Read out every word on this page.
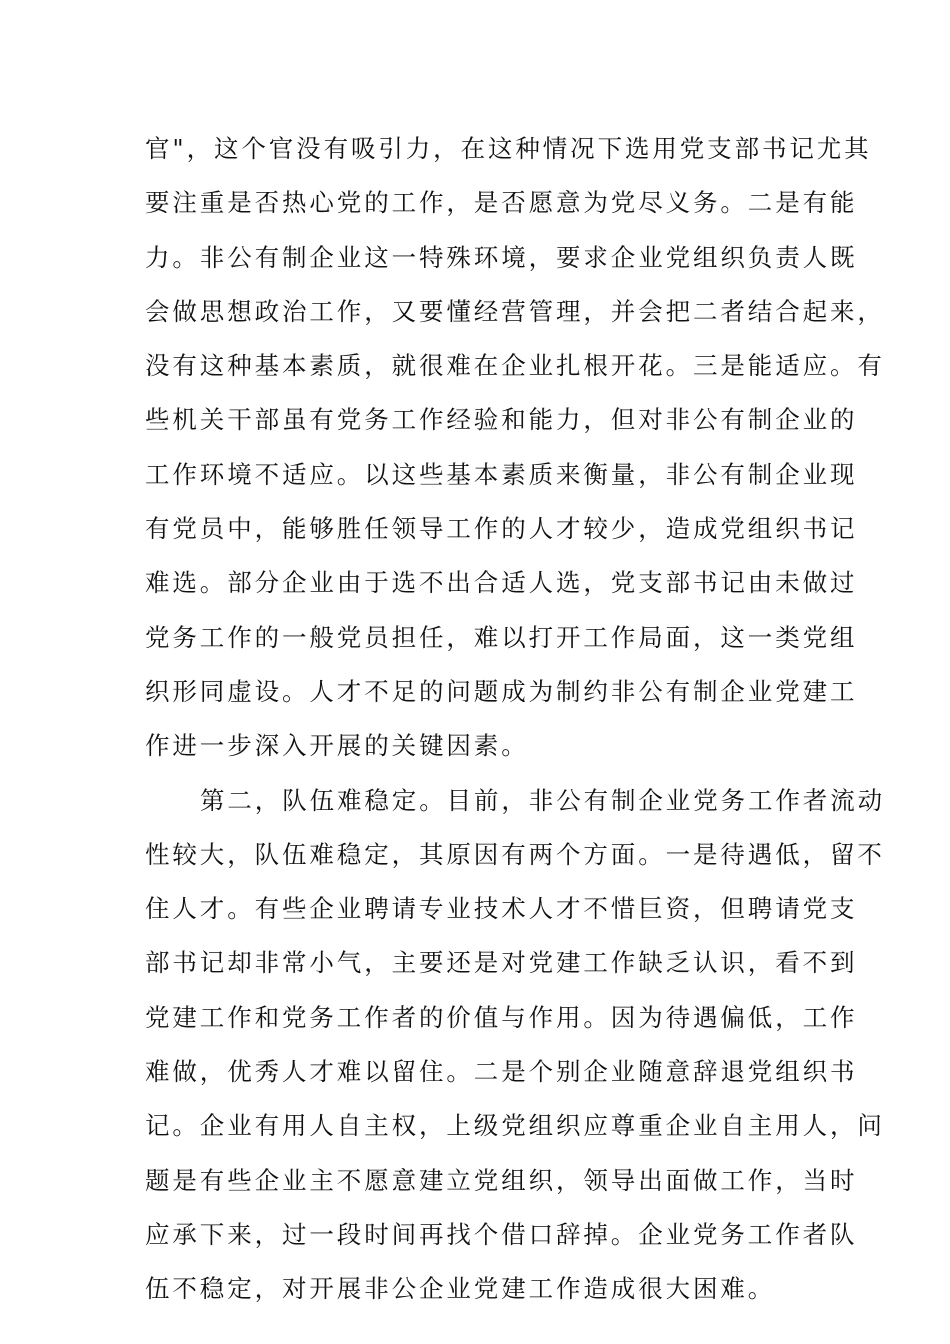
官"，这个官没有吸引力，在这种情况下选用党支部书记尤其
要注重是否热心党的工作，是否愿意为党尽义务。二是有能
力。非公有制企业这一特殊环境，要求企业党组织负责人既
会做思想政治工作，又要懂经营管理，并会把二者结合起来，
没有这种基本素质，就很难在企业扎根开花。三是能适应。有
些机关干部虽有党务工作经验和能力，但对非公有制企业的
工作环境不适应。以这些基本素质来衡量，非公有制企业现
有党员中，能够胜任领导工作的人才较少，造成党组织书记
难选。部分企业由于选不出合适人选，党支部书记由未做过
党务工作的一般党员担任，难以打开工作局面，这一类党组
织形同虚设。人才不足的问题成为制约非公有制企业党建工
作进一步深入开展的关键因素。
第二，队伍难稳定。目前，非公有制企业党务工作者流动
性较大，队伍难稳定，其原因有两个方面。一是待遇低，留不
住人才。有些企业聘请专业技术人才不惜巨资，但聘请党支
部书记却非常小气，主要还是对党建工作缺乏认识，看不到
党建工作和党务工作者的价值与作用。因为待遇偏低，工作
难做，优秀人才难以留住。二是个别企业随意辞退党组织书
记。企业有用人自主权，上级党组织应尊重企业自主用人，问
题是有些企业主不愿意建立党组织，领导出面做工作，当时
应承下来，过一段时间再找个借口辞掉。企业党务工作者队
伍不稳定，对开展非公企业党建工作造成很大困难。
